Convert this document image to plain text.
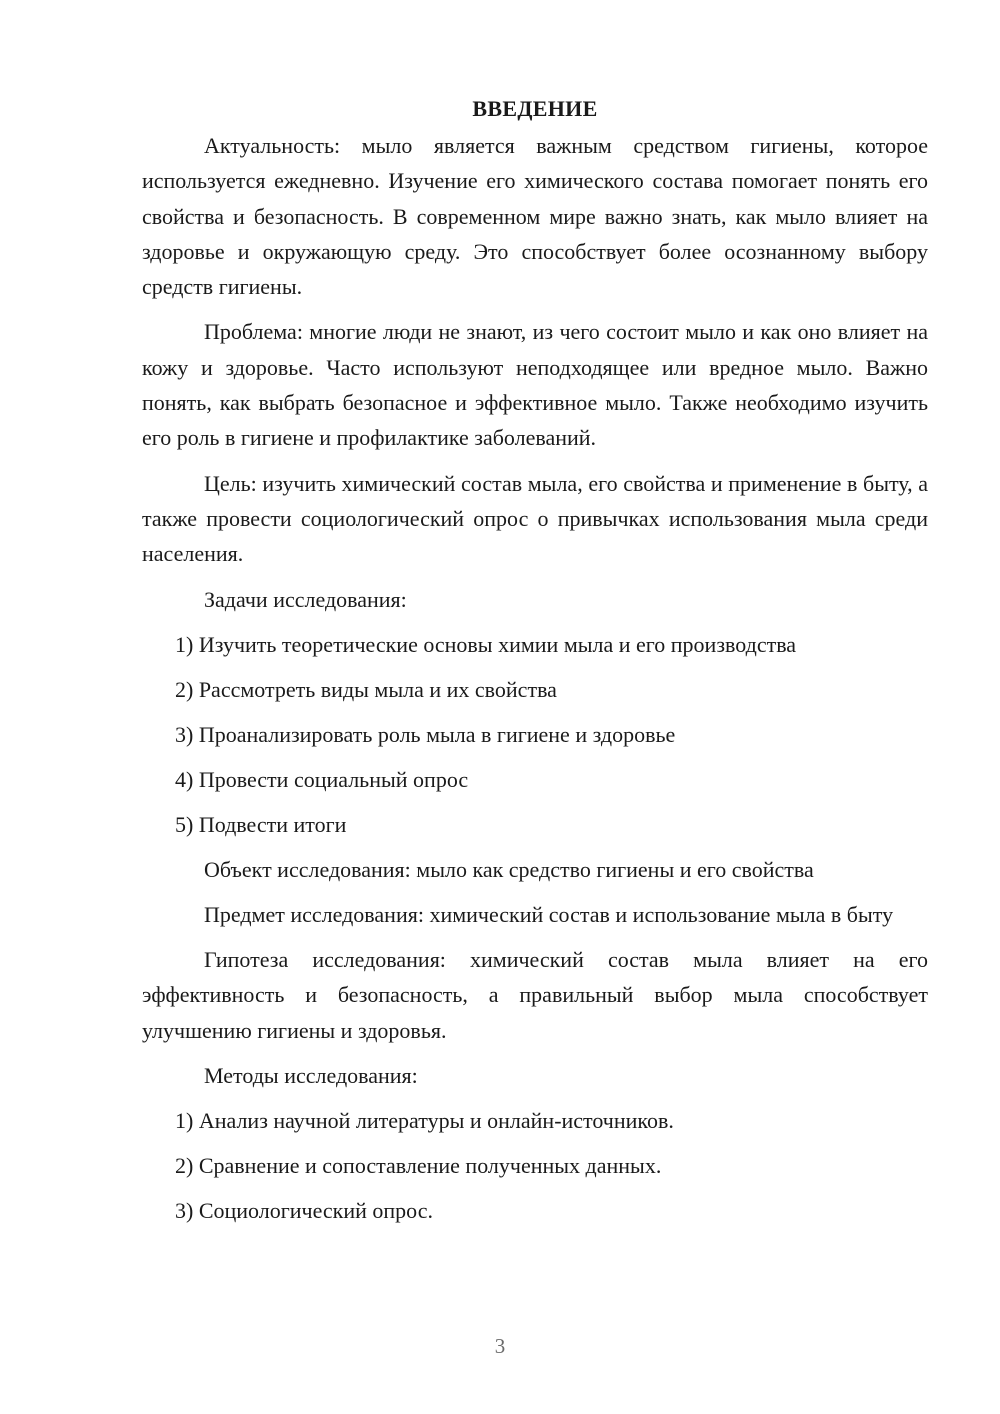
ВВЕДЕНИЕ

Актуальность: мыло является важным средством гигиены, которое используется ежедневно. Изучение его химического состава помогает понять его свойства и безопасность. В современном мире важно знать, как мыло влияет на здоровье и окружающую среду. Это способствует более осознанному выбору средств гигиены.

Проблема: многие люди не знают, из чего состоит мыло и как оно влияет на кожу и здоровье. Часто используют неподходящее или вредное мыло. Важно понять, как выбрать безопасное и эффективное мыло. Также необходимо изучить его роль в гигиене и профилактике заболеваний.

Цель: изучить химический состав мыла, его свойства и применение в быту, а также провести социологический опрос о привычках использования мыла среди населения.

Задачи исследования:

1) Изучить теоретические основы химии мыла и его производства
2) Рассмотреть виды мыла и их свойства
3) Проанализировать роль мыла в гигиене и здоровье
4) Провести социальный опрос
5) Подвести итоги

Объект исследования: мыло как средство гигиены и его свойства

Предмет исследования: химический состав и использование мыла в быту

Гипотеза исследования: химический состав мыла влияет на его эффективность и безопасность, а правильный выбор мыла способствует улучшению гигиены и здоровья.

Методы исследования:

1) Анализ научной литературы и онлайн-источников.
2) Сравнение и сопоставление полученных данных.
3) Социологический опрос.
3
